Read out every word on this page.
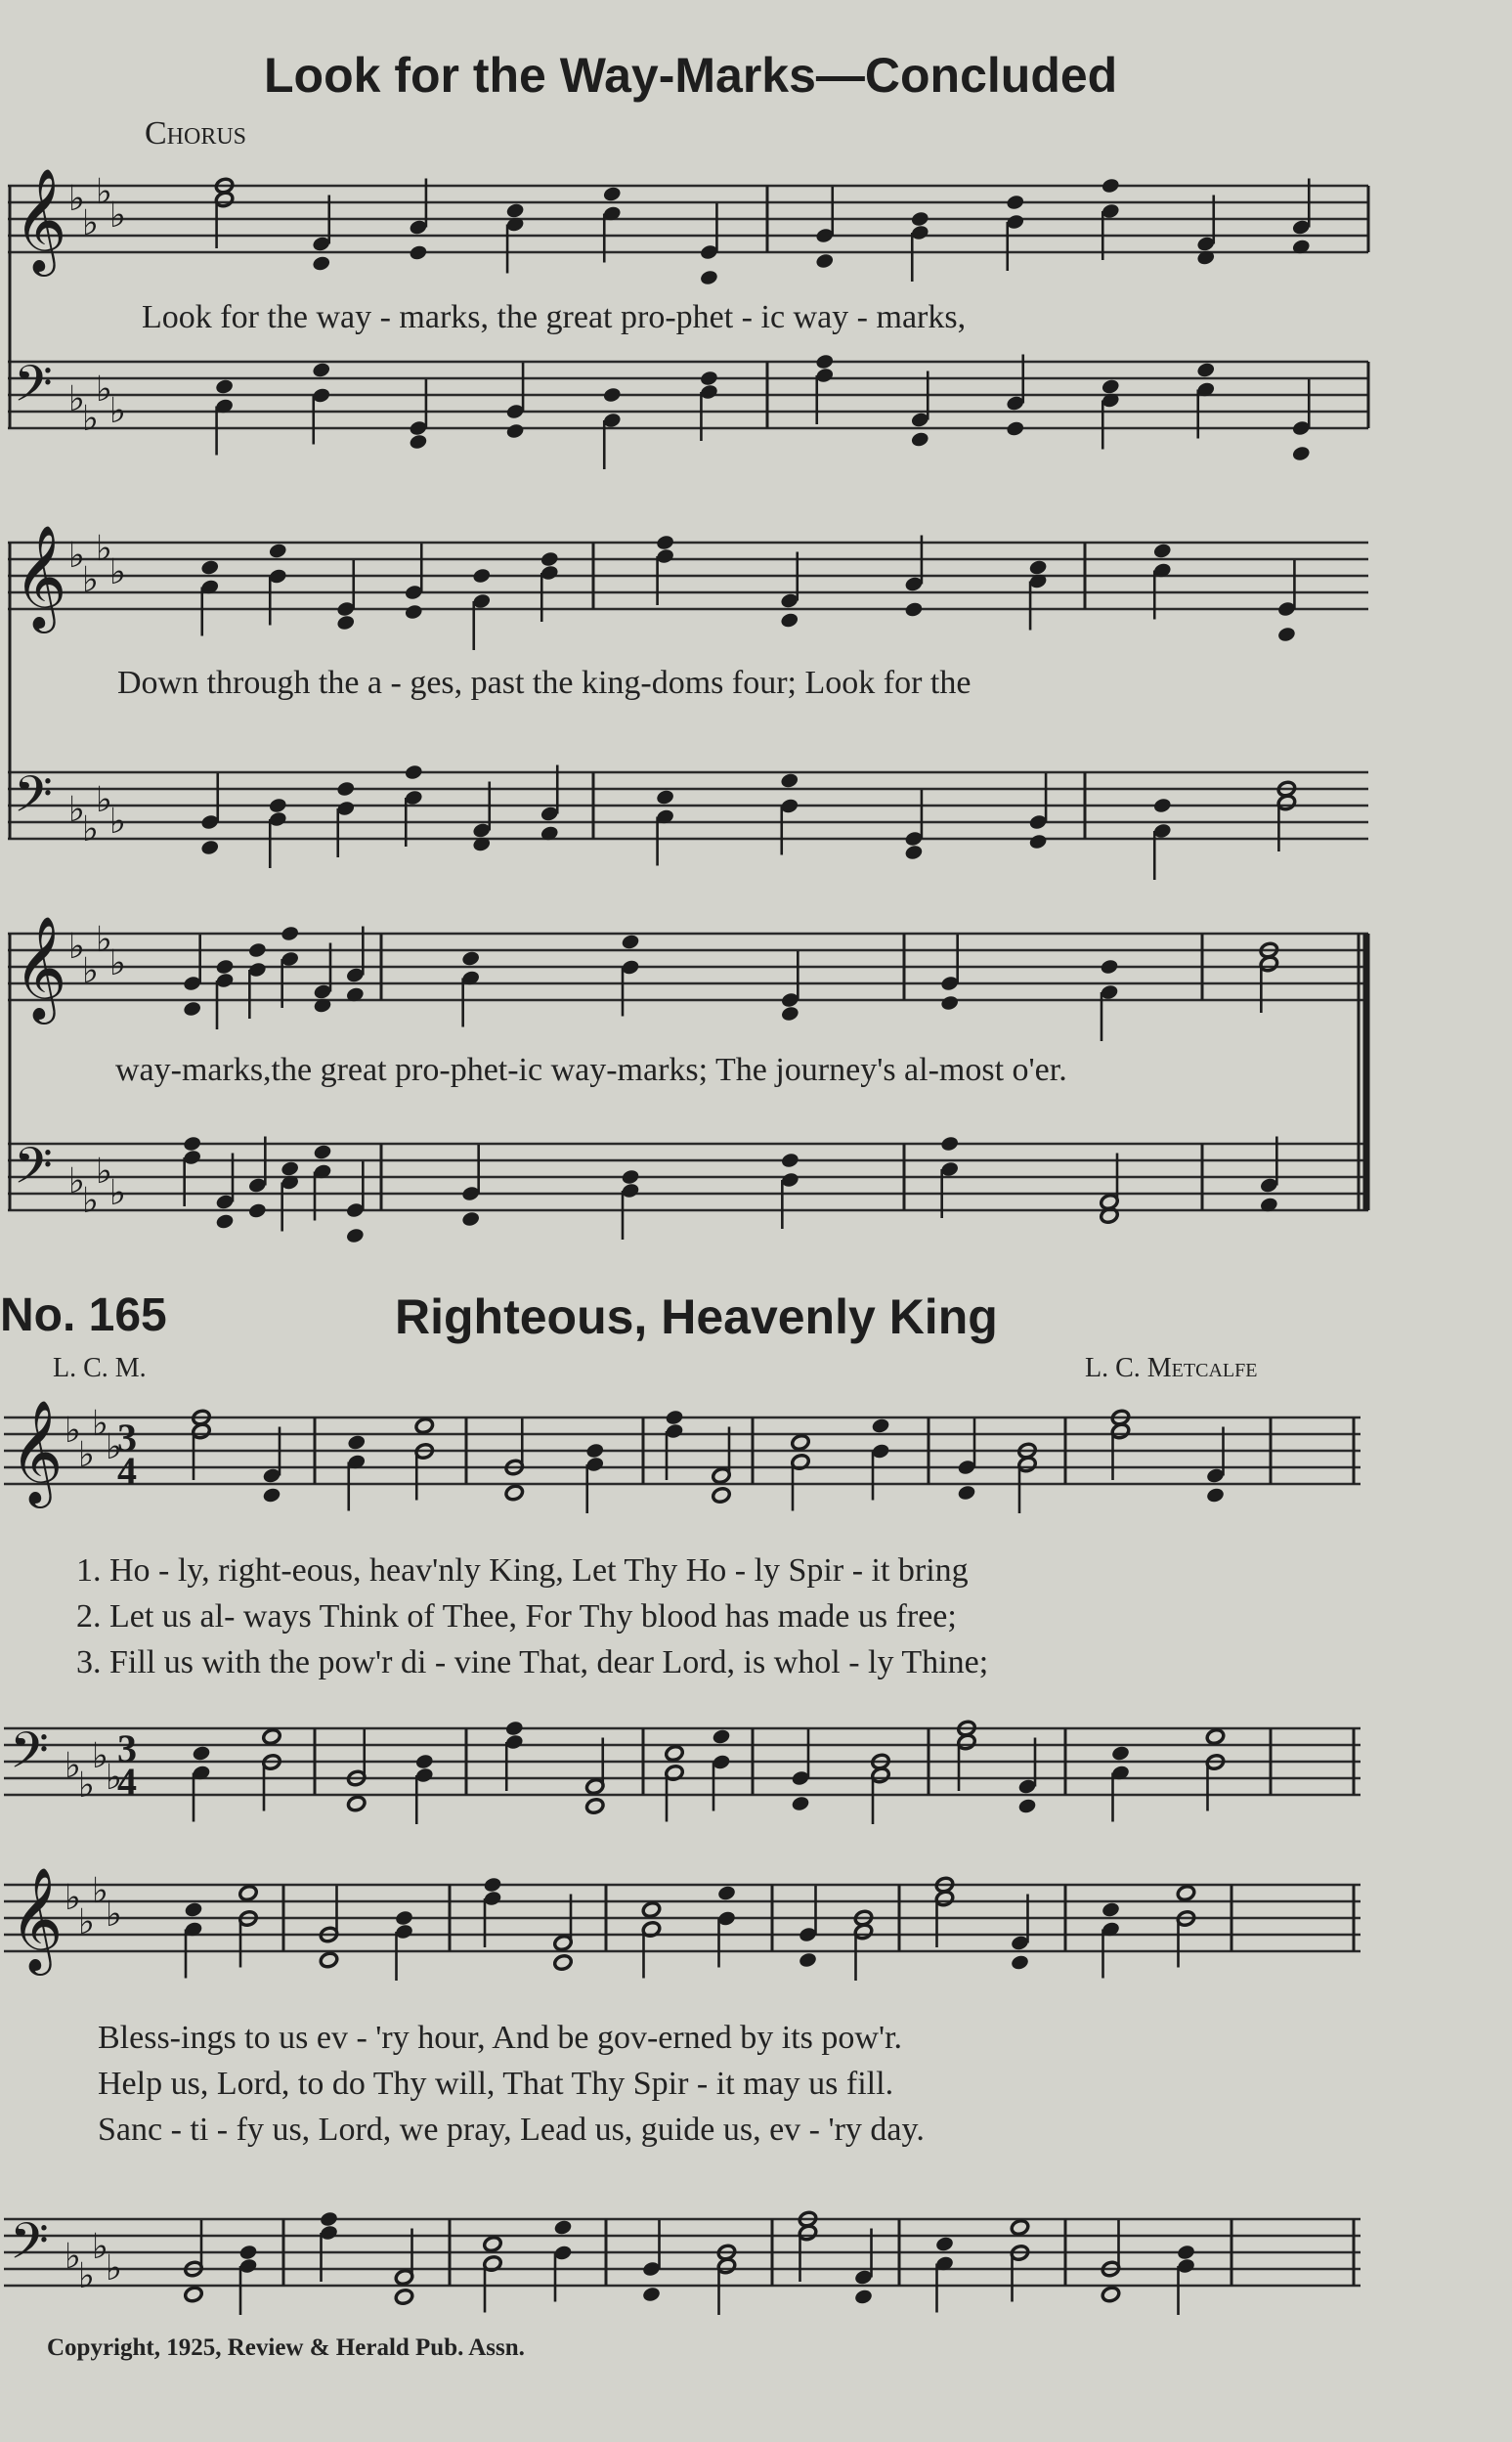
𝄞 ♭
♭
♭
♭
𝄢 ♭
♭
♭
♭
𝄞 ♭
♭
♭
♭
𝄢 ♭
♭
♭
♭
𝄞 ♭
♭
♭
♭
𝄢 ♭
♭
♭
♭
𝄞 ♭
♭
♭
♭
𝄢 ♭
♭
♭
♭
𝄞 ♭
♭
♭
♭
𝄢 ♭
♭
♭
♭
3
4
3
4
Look for the Way-Marks—Concluded
Chorus
Look for the way - marks, the great pro-phet - ic way - marks,
Down through the a - ges, past the king-doms four; Look for the
way-marks,the great pro-phet-ic way-marks; The journey's al-most o'er.
No. 165	Righteous, Heavenly King
L. C. M.	L. C. Metcalfe
1. Ho - ly, right-eous, heav'nly King, Let Thy Ho - ly Spir - it bring
2. Let us al- ways Think of Thee, For Thy blood has made us free;
3. Fill us with the pow'r di - vine That, dear Lord, is whol - ly Thine;
Bless-ings to us ev - 'ry hour, And be gov-erned by its pow'r.
Help us, Lord, to do Thy will, That Thy Spir - it may us fill.
Sanc - ti - fy us, Lord, we pray, Lead us, guide us, ev - 'ry day.
Copyright, 1925, Review & Herald Pub. Assn.
